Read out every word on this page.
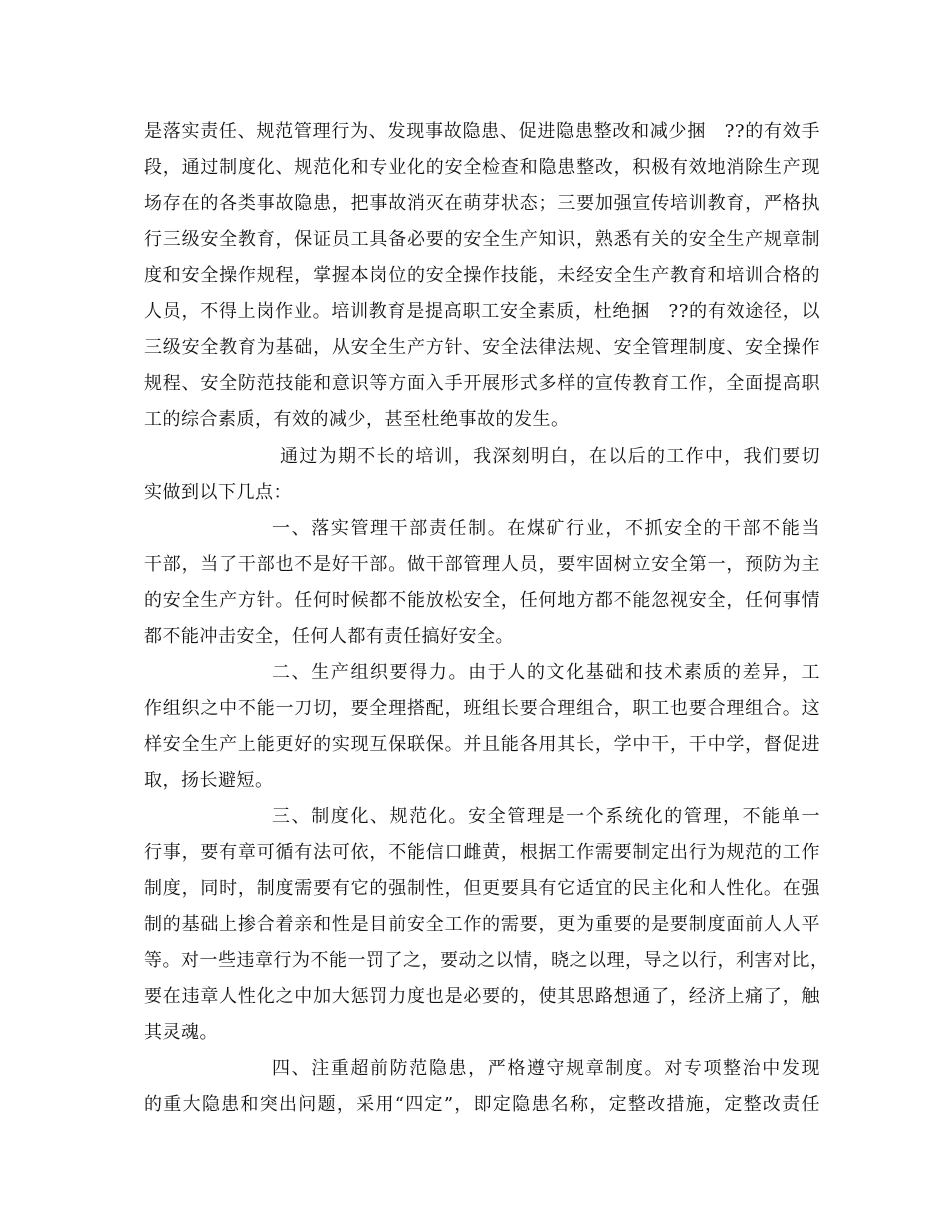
是落实责任、规范管理行为、发现事故隐患、促进隐患整改和减少捆　??的有效手
段，通过制度化、规范化和专业化的安全检查和隐患整改，积极有效地消除生产现
场存在的各类事故隐患，把事故消灭在萌芽状态；三要加强宣传培训教育，严格执
行三级安全教育，保证员工具备必要的安全生产知识，熟悉有关的安全生产规章制
度和安全操作规程，掌握本岗位的安全操作技能，未经安全生产教育和培训合格的
人员，不得上岗作业。培训教育是提高职工安全素质，杜绝捆　??的有效途径，以
三级安全教育为基础，从安全生产方针、安全法律法规、安全管理制度、安全操作
规程、安全防范技能和意识等方面入手开展形式多样的宣传教育工作，全面提高职
工的综合素质，有效的减少，甚至杜绝事故的发生。
通过为期不长的培训，我深刻明白，在以后的工作中，我们要切
实做到以下几点：
一、落实管理干部责任制。在煤矿行业，不抓安全的干部不能当
干部，当了干部也不是好干部。做干部管理人员，要牢固树立安全第一，预防为主
的安全生产方针。任何时候都不能放松安全，任何地方都不能忽视安全，任何事情
都不能冲击安全，任何人都有责任搞好安全。
二、生产组织要得力。由于人的文化基础和技术素质的差异，工
作组织之中不能一刀切，要全理搭配，班组长要合理组合，职工也要合理组合。这
样安全生产上能更好的实现互保联保。并且能各用其长，学中干，干中学，督促进
取，扬长避短。
三、制度化、规范化。安全管理是一个系统化的管理，不能单一
行事，要有章可循有法可依，不能信口雌黄，根据工作需要制定出行为规范的工作
制度，同时，制度需要有它的强制性，但更要具有它适宜的民主化和人性化。在强
制的基础上掺合着亲和性是目前安全工作的需要，更为重要的是要制度面前人人平
等。对一些违章行为不能一罚了之，要动之以情，晓之以理，导之以行，利害对比，
要在违章人性化之中加大惩罚力度也是必要的，使其思路想通了，经济上痛了，触
其灵魂。
四、注重超前防范隐患，严格遵守规章制度。对专项整治中发现
的重大隐患和突出问题，采用“四定”，即定隐患名称，定整改措施，定整改责任
